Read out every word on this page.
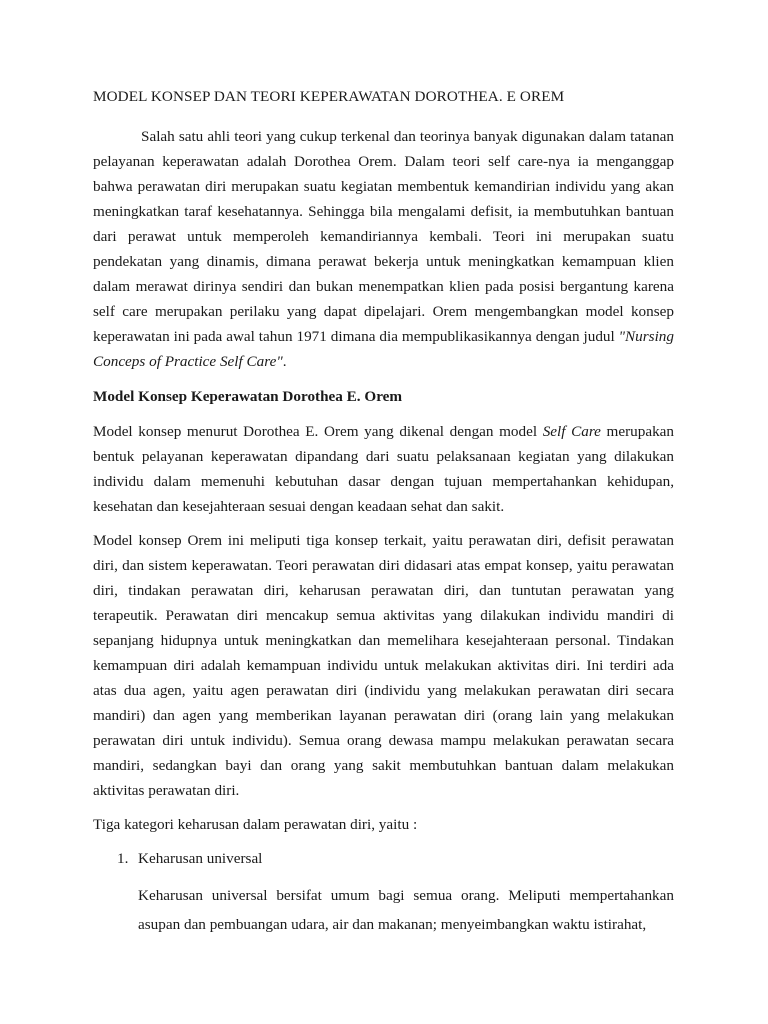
MODEL KONSEP DAN TEORI KEPERAWATAN DOROTHEA. E OREM

Salah satu ahli teori yang cukup terkenal dan teorinya banyak digunakan dalam tatanan pelayanan keperawatan adalah Dorothea Orem. Dalam teori self care-nya ia menganggap bahwa perawatan diri merupakan suatu kegiatan membentuk kemandirian individu yang akan meningkatkan taraf kesehatannya. Sehingga bila mengalami defisit, ia membutuhkan bantuan dari perawat untuk memperoleh kemandiriannya kembali. Teori ini merupakan suatu pendekatan yang dinamis, dimana perawat bekerja untuk meningkatkan kemampuan klien dalam merawat dirinya sendiri dan bukan menempatkan klien pada posisi bergantung karena self care merupakan perilaku yang dapat dipelajari. Orem mengembangkan model konsep keperawatan ini pada awal tahun 1971 dimana dia mempublikasikannya dengan judul "Nursing Conceps of Practice Self Care".

Model Konsep Keperawatan Dorothea E. Orem

Model konsep menurut Dorothea E. Orem yang dikenal dengan model Self Care merupakan bentuk pelayanan keperawatan dipandang dari suatu pelaksanaan kegiatan yang dilakukan individu dalam memenuhi kebutuhan dasar dengan tujuan mempertahankan kehidupan, kesehatan dan kesejahteraan sesuai dengan keadaan sehat dan sakit.

Model konsep Orem ini meliputi tiga konsep terkait, yaitu perawatan diri, defisit perawatan diri, dan sistem keperawatan. Teori perawatan diri didasari atas empat konsep, yaitu perawatan diri, tindakan perawatan diri, keharusan perawatan diri, dan tuntutan perawatan yang terapeutik. Perawatan diri mencakup semua aktivitas yang dilakukan individu mandiri di sepanjang hidupnya untuk meningkatkan dan memelihara kesejahteraan personal. Tindakan kemampuan diri adalah kemampuan individu untuk melakukan aktivitas diri. Ini terdiri ada atas dua agen, yaitu agen perawatan diri (individu yang melakukan perawatan diri secara mandiri) dan agen yang memberikan layanan perawatan diri (orang lain yang melakukan perawatan diri untuk individu). Semua orang dewasa mampu melakukan perawatan secara mandiri, sedangkan bayi dan orang yang sakit membutuhkan bantuan dalam melakukan aktivitas perawatan diri.

Tiga kategori keharusan dalam perawatan diri, yaitu :

1. Keharusan universal

Keharusan universal bersifat umum bagi semua orang. Meliputi mempertahankan asupan dan pembuangan udara, air dan makanan; menyeimbangkan waktu istirahat,
